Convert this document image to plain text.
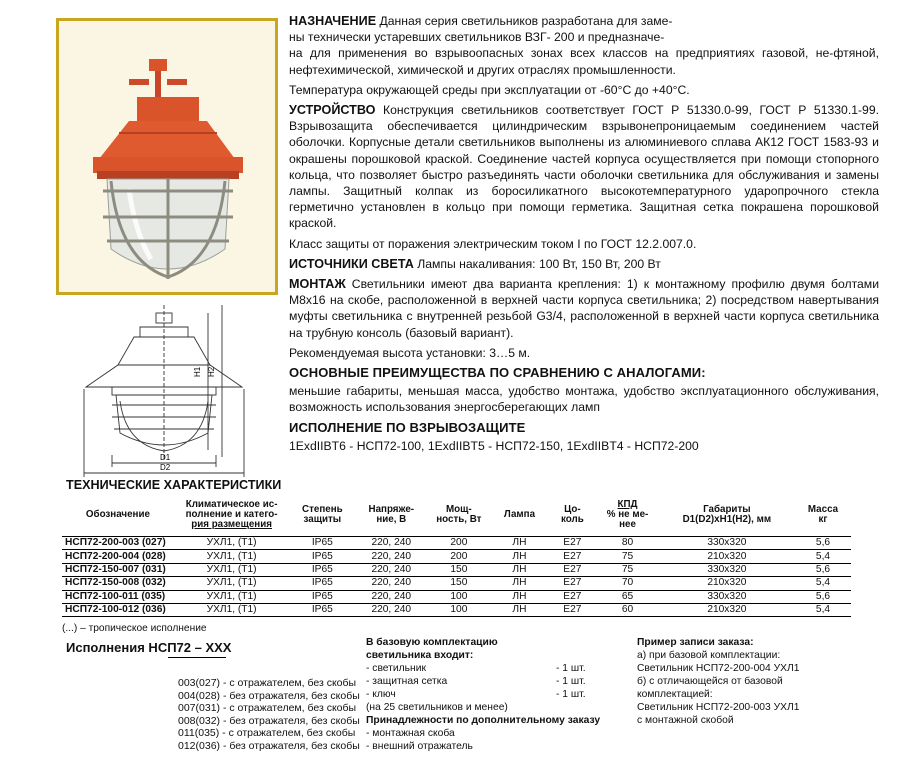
H1 H2
D1
D2

НАЗНАЧЕНИЕ Данная серия светильников разработана для заме-
ны технически устаревших светильников ВЗГ- 200 и предназначе-
на для применения во взрывоопасных зонах всех классов на предприятиях газовой, не-фтяной, нефтехимической, химической и других отраслях промышленности.

Температура окружающей среды при эксплуатации от -60°С до +40°С.

УСТРОЙСТВО Конструкция светильников соответствует ГОСТ Р 51330.0-99, ГОСТ Р 51330.1-99. Взрывозащита обеспечивается цилиндрическим взрывонепроницаемым соединением частей оболочки. Корпусные детали светильников выполнены из алюминиевого сплава АК12 ГОСТ 1583-93 и окрашены порошковой краской. Соединение частей корпуса осуществляется при помощи стопорного кольца, что позволяет быстро разъединять части оболочки светильника для обслуживания и замены лампы. Защитный колпак из боросиликатного высокотемпературного ударопрочного стекла герметично установлен в кольцо при помощи герметика. Защитная сетка покрашена порошковой краской.

Класс защиты от поражения электрическим током I по ГОСТ 12.2.007.0.

ИСТОЧНИКИ СВЕТА Лампы накаливания: 100 Вт, 150 Вт, 200 Вт

МОНТАЖ Светильники имеют два варианта крепления: 1) к монтажному профилю двумя болтами М8х16 на скобе, расположенной в верхней части корпуса светильника; 2) посредством навертывания муфты светильника с внутренней резьбой G3/4, расположенной в верхней части корпуса светильника на трубную консоль (базовый вариант).

Рекомендуемая высота установки: 3…5 м.

ОСНОВНЫЕ ПРЕИМУЩЕСТВА ПО СРАВНЕНИЮ С АНАЛОГАМИ:

меньшие габариты, меньшая масса, удобство монтажа, удобство эксплуатационного обслуживания, возможность использования энергосберегающих ламп

ИСПОЛНЕНИЕ ПО ВЗРЫВОЗАЩИТЕ

1ExdIIBT6 - НСП72-100, 1ExdIIBT5 - НСП72-150, 1ExdIIBT4 - НСП72-200

ТЕХНИЧЕСКИЕ ХАРАКТЕРИСТИКИ
Обозначение	Климатическое ис-
полнение и катего-
рия размещения	Степень
защиты	Напряже-
ние, В	Мощ-
ность, Вт	Лампа	Цо-
коль	КПД
% не ме-
нее	Габариты
D1(D2)хН1(Н2), мм	Масса
кг
НСП72-200-003 (027)	УХЛ1, (Т1)	IP65	220, 240	200	ЛН	E27	80	330х320	5,6
НСП72-200-004 (028)	УХЛ1, (Т1)	IP65	220, 240	200	ЛН	E27	75	210х320	5,4
НСП72-150-007 (031)	УХЛ1, (Т1)	IP65	220, 240	150	ЛН	E27	75	330х320	5,6
НСП72-150-008 (032)	УХЛ1, (Т1)	IP65	220, 240	150	ЛН	E27	70	210х320	5,4
НСП72-100-011 (035)	УХЛ1, (Т1)	IP65	220, 240	100	ЛН	E27	65	330х320	5,6
НСП72-100-012 (036)	УХЛ1, (Т1)	IP65	220, 240	100	ЛН	E27	60	210х320	5,4
(...) – тропическое исполнение
Исполнения НСП72 – XXX
003(027) - с отражателем, без скобы
004(028) - без отражателя, без скобы
007(031) - с отражателем, без скобы
008(032) - без отражателя, без скобы
011(035) - с отражателем, без скобы
012(036) - без отражателя, без скобы
В базовую комплектацию
светильника входит:
- светильник	- 1 шт.
- защитная сетка	- 1 шт.
- ключ	- 1 шт.
(на 25 светильников и менее)
Принадлежности по дополнительному заказу
- монтажная скоба
- внешний отражатель
Пример записи заказа:
а) при базовой комплектации:
Светильник НСП72-200-004 УХЛ1
б) с отличающейся от базовой
комплектацией:
Светильник НСП72-200-003 УХЛ1
с монтажной скобой
